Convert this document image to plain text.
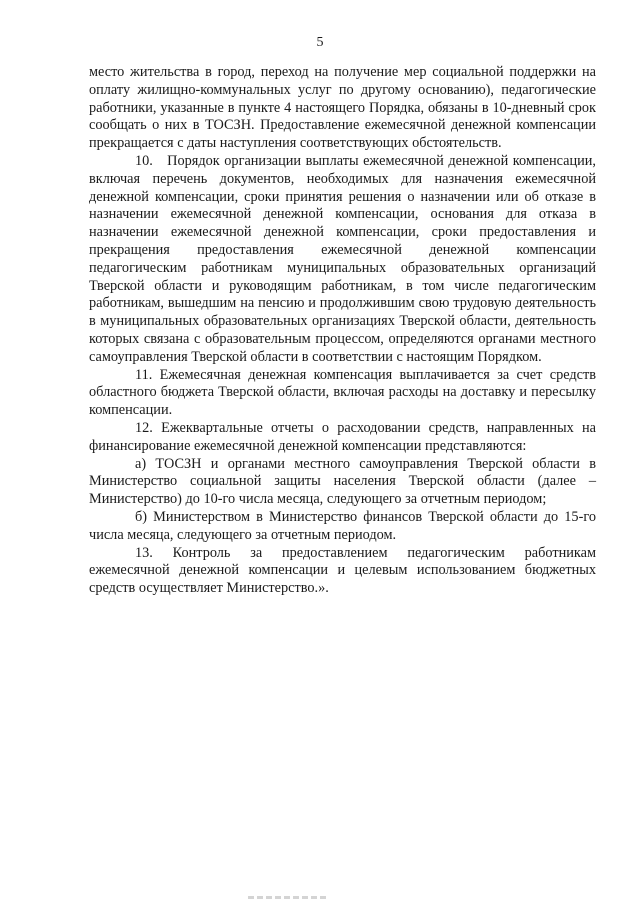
5

место жительства в город, переход на получение мер социальной поддержки на оплату жилищно-коммунальных услуг по другому основанию), педагогические работники, указанные в пункте 4 настоящего Порядка, обязаны в 10-дневный срок сообщать о них в ТОСЗН. Предоставление ежемесячной денежной компенсации прекращается с даты наступления соответствующих обстоятельств.

10. Порядок организации выплаты ежемесячной денежной компенсации, включая перечень документов, необходимых для назначения ежемесячной денежной компенсации, сроки принятия решения о назначении или об отказе в назначении ежемесячной денежной компенсации, основания для отказа в назначении ежемесячной денежной компенсации, сроки предоставления и прекращения предоставления ежемесячной денежной компенсации педагогическим работникам муниципальных образовательных организаций Тверской области и руководящим работникам, в том числе педагогическим работникам, вышедшим на пенсию и продолжившим свою трудовую деятельность в муниципальных образовательных организациях Тверской области, деятельность которых связана с образовательным процессом, определяются органами местного самоуправления Тверской области в соответствии с настоящим Порядком.

11. Ежемесячная денежная компенсация выплачивается за счет средств областного бюджета Тверской области, включая расходы на доставку и пересылку компенсации.

12. Ежеквартальные отчеты о расходовании средств, направленных на финансирование ежемесячной денежной компенсации представляются:

а) ТОСЗН и органами местного самоуправления Тверской области в Министерство социальной защиты населения Тверской области (далее – Министерство) до 10-го числа месяца, следующего за отчетным периодом;

б) Министерством в Министерство финансов Тверской области до 15-го числа месяца, следующего за отчетным периодом.

13. Контроль за предоставлением педагогическим работникам ежемесячной денежной компенсации и целевым использованием бюджетных средств осуществляет Министерство.».
